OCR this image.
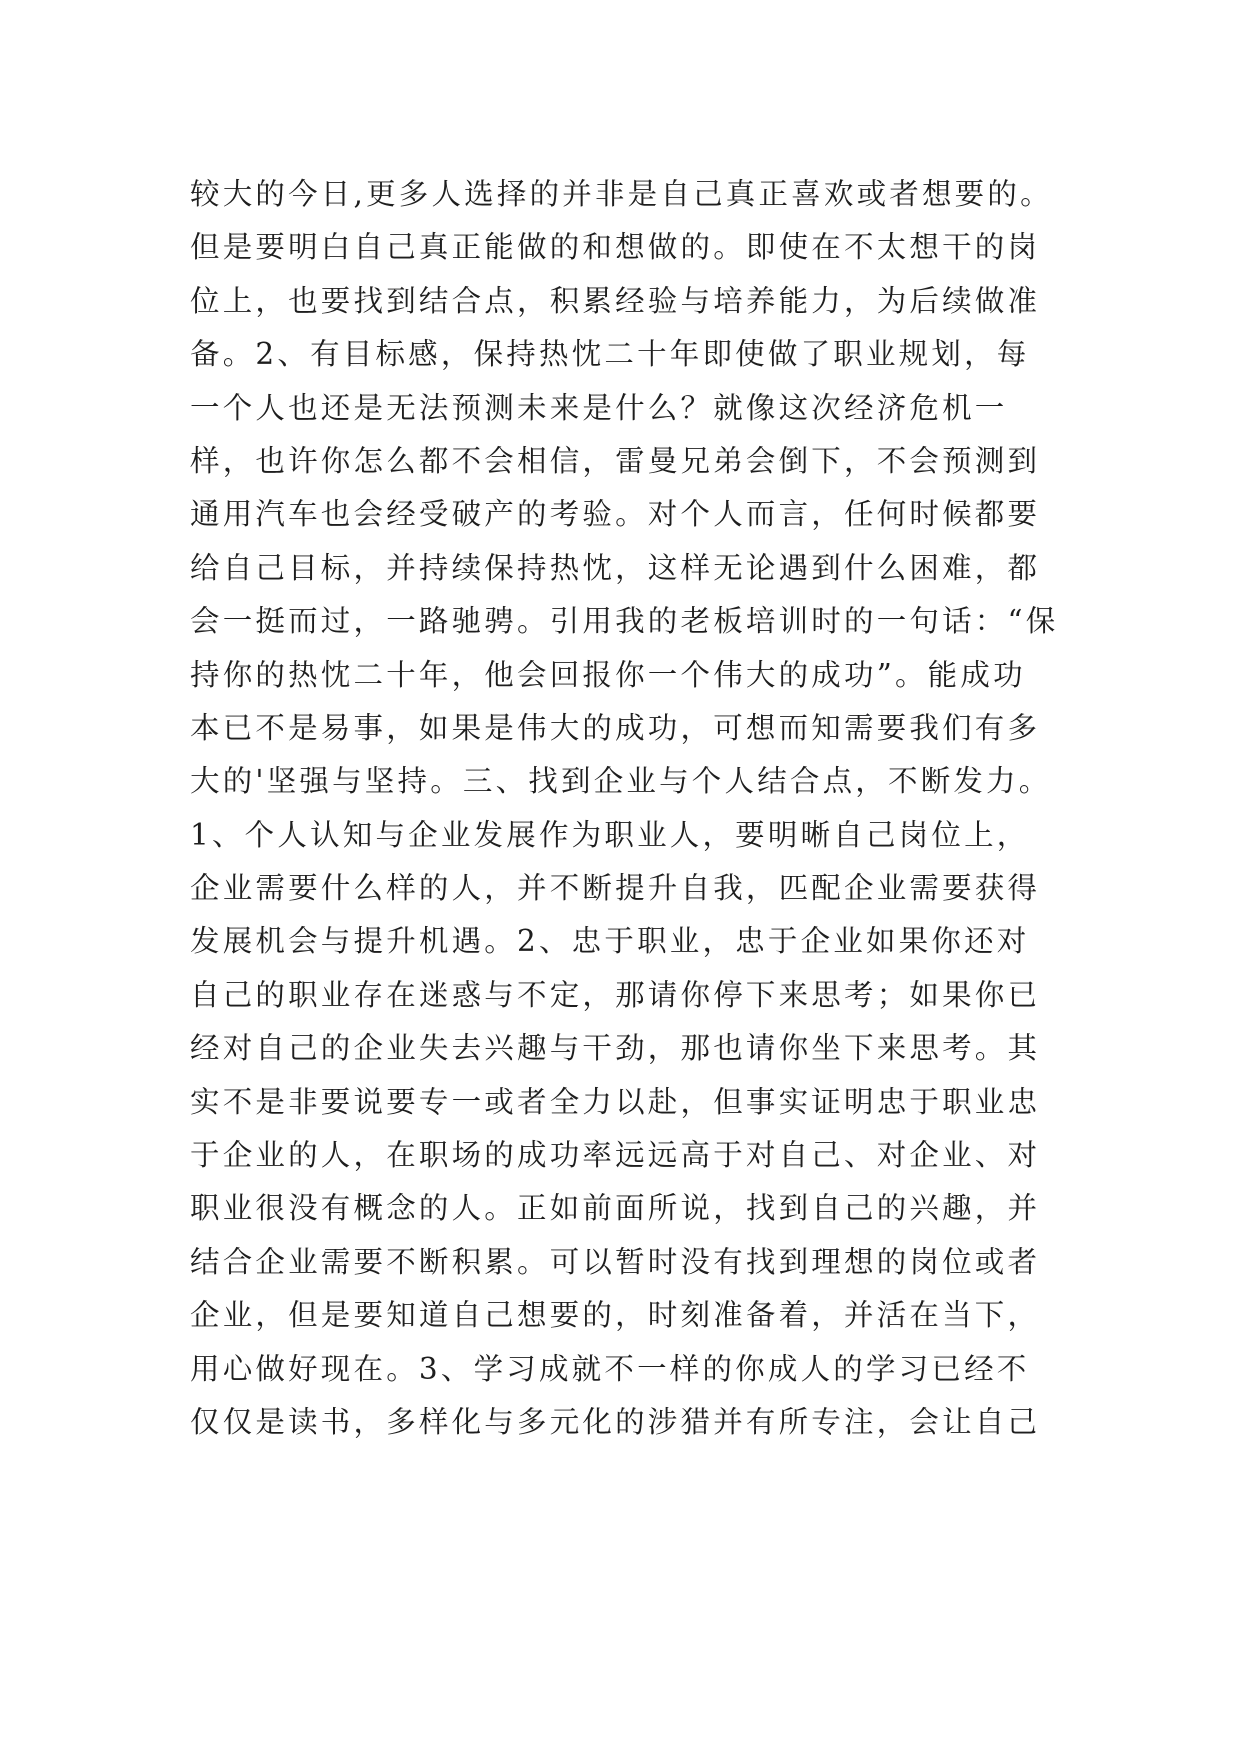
较大的今日,更多人选择的并非是自己真正喜欢或者想要的。
但是要明白自己真正能做的和想做的。即使在不太想干的岗
位上，也要找到结合点，积累经验与培养能力，为后续做准
备。2、有目标感，保持热忱二十年即使做了职业规划，每
一个人也还是无法预测未来是什么？就像这次经济危机一
样，也许你怎么都不会相信，雷曼兄弟会倒下，不会预测到
通用汽车也会经受破产的考验。对个人而言，任何时候都要
给自己目标，并持续保持热忱，这样无论遇到什么困难，都
会一挺而过，一路驰骋。引用我的老板培训时的一句话：“保
持你的热忱二十年，他会回报你一个伟大的成功”。能成功
本已不是易事，如果是伟大的成功，可想而知需要我们有多
大的'坚强与坚持。三、找到企业与个人结合点，不断发力。
1、个人认知与企业发展作为职业人，要明晰自己岗位上，
企业需要什么样的人，并不断提升自我，匹配企业需要获得
发展机会与提升机遇。2、忠于职业，忠于企业如果你还对
自己的职业存在迷惑与不定，那请你停下来思考；如果你已
经对自己的企业失去兴趣与干劲，那也请你坐下来思考。其
实不是非要说要专一或者全力以赴，但事实证明忠于职业忠
于企业的人，在职场的成功率远远高于对自己、对企业、对
职业很没有概念的人。正如前面所说，找到自己的兴趣，并
结合企业需要不断积累。可以暂时没有找到理想的岗位或者
企业，但是要知道自己想要的，时刻准备着，并活在当下，
用心做好现在。3、学习成就不一样的你成人的学习已经不
仅仅是读书，多样化与多元化的涉猎并有所专注，会让自己
